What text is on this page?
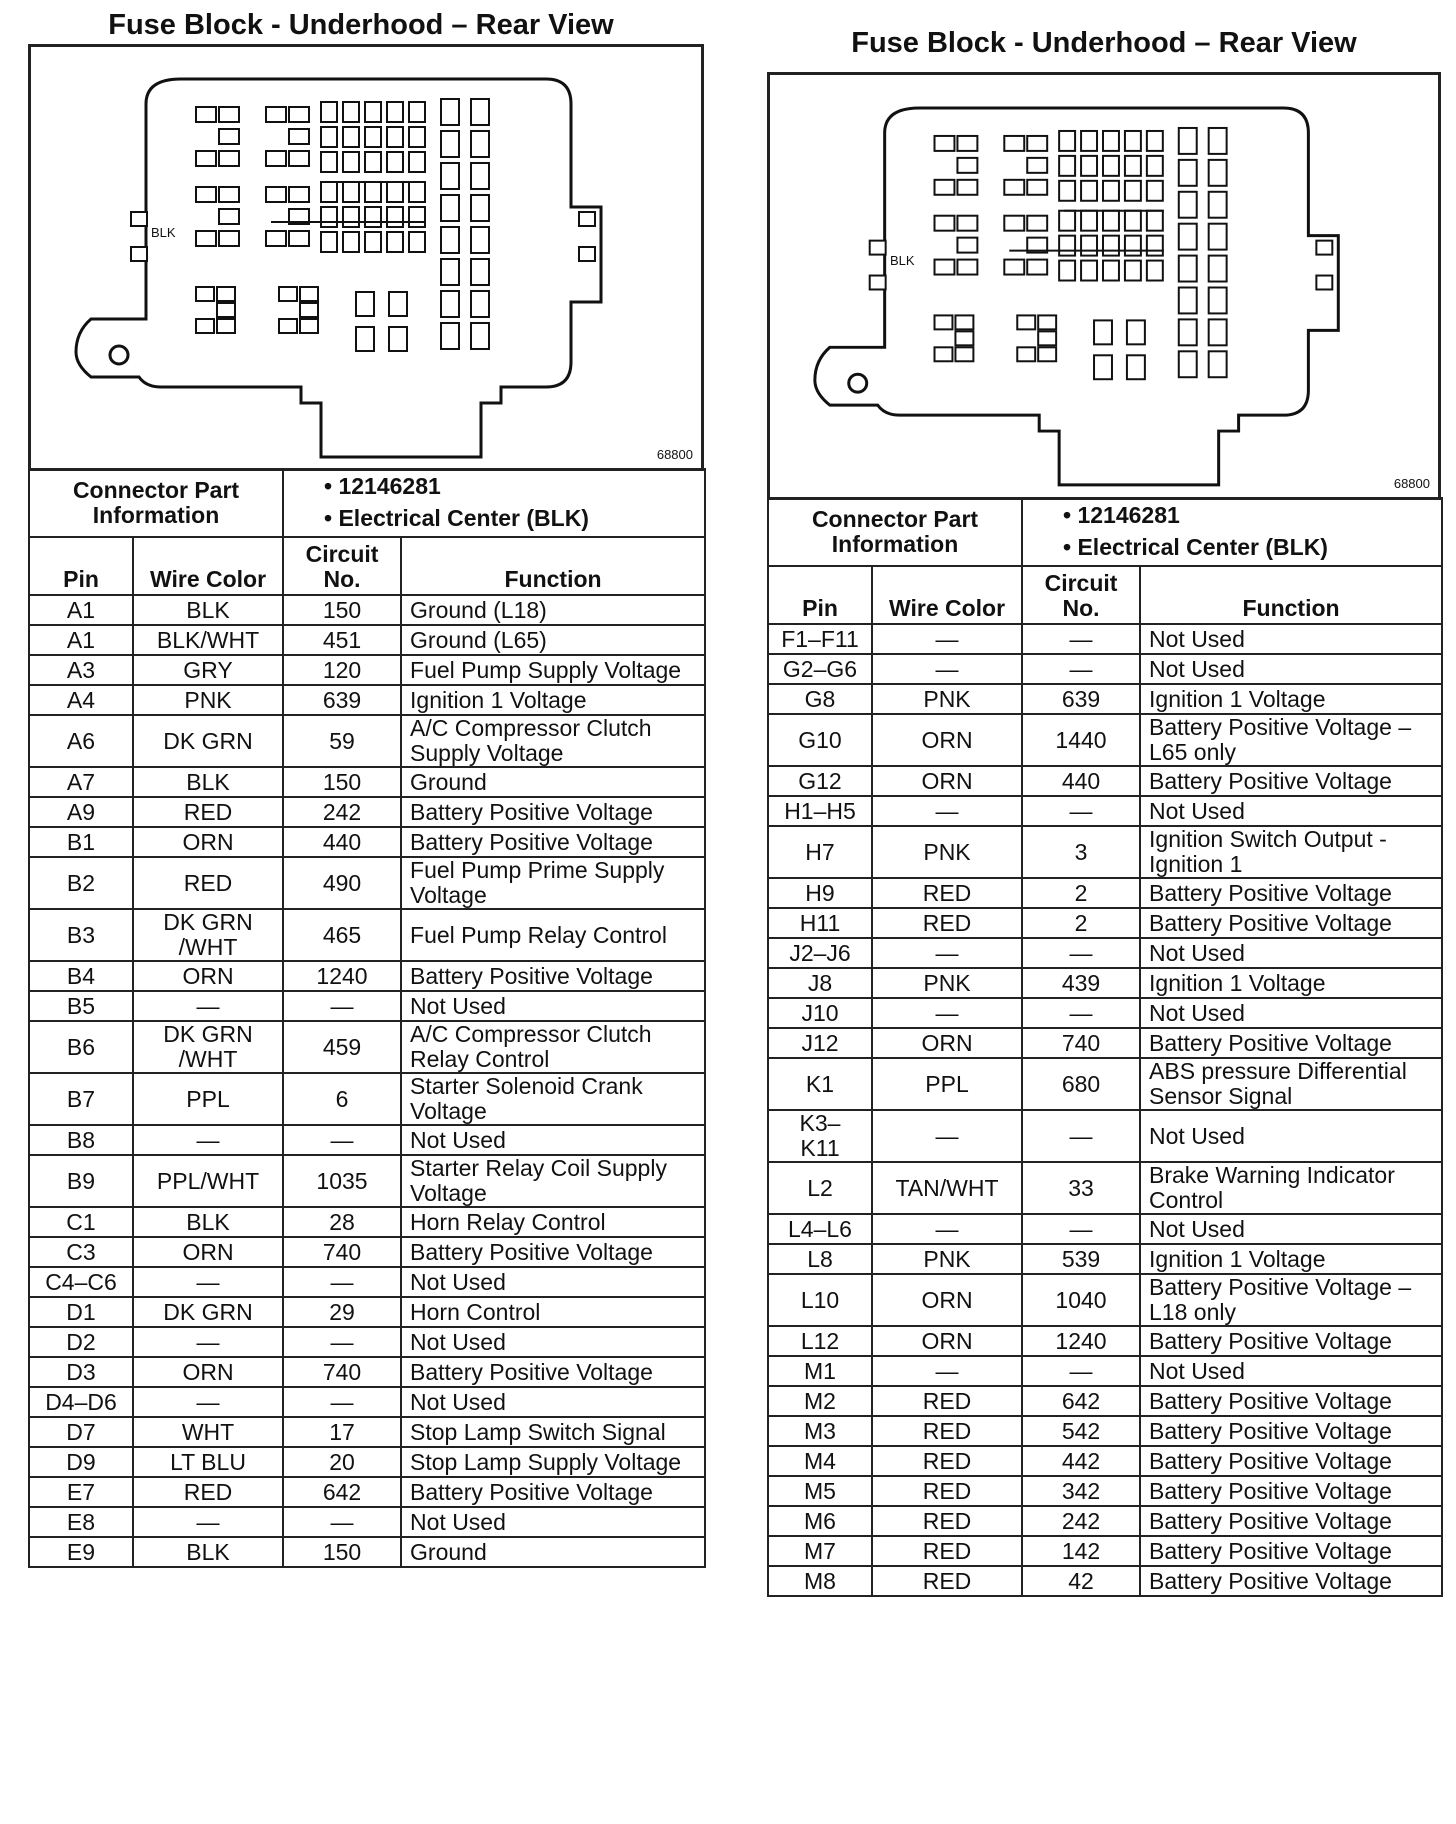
Fuse Block - Underhood – Rear View
BLK
68800
Connector Part Information		• 12146281
• Electrical Center (BLK)	

Pin	Wire Color	Circuit No.	Function
A1	BLK	150	Ground (L18)
A1	BLK/WHT	451	Ground (L65)
A3	GRY	120	Fuel Pump Supply Voltage
A4	PNK	639	Ignition 1 Voltage
A6	DK GRN	59	A/C Compressor Clutch Supply Voltage
A7	BLK	150	Ground
A9	RED	242	Battery Positive Voltage
B1	ORN	440	Battery Positive Voltage
B2	RED	490	Fuel Pump Prime Supply Voltage
B3	DK GRN /WHT	465	Fuel Pump Relay Control
B4	ORN	1240	Battery Positive Voltage
B5	—	—	Not Used
B6	DK GRN /WHT	459	A/C Compressor Clutch Relay Control
B7	PPL	6	Starter Solenoid Crank Voltage
B8	—	—	Not Used
B9	PPL/WHT	1035	Starter Relay Coil Supply Voltage
C1	BLK	28	Horn Relay Control
C3	ORN	740	Battery Positive Voltage
C4–C6	—	—	Not Used
D1	DK GRN	29	Horn Control
D2	—	—	Not Used
D3	ORN	740	Battery Positive Voltage
D4–D6	—	—	Not Used
D7	WHT	17	Stop Lamp Switch Signal
D9	LT BLU	20	Stop Lamp Supply Voltage
E7	RED	642	Battery Positive Voltage
E8	—	—	Not Used
E9	BLK	150	Ground
Fuse Block - Underhood – Rear View
BLK
68800
Connector Part Information		• 12146281
• Electrical Center (BLK)	

Pin	Wire Color	Circuit No.	Function
F1–F11	—	—	Not Used
G2–G6	—	—	Not Used
G8	PNK	639	Ignition 1 Voltage
G10	ORN	1440	Battery Positive Voltage – L65 only
G12	ORN	440	Battery Positive Voltage
H1–H5	—	—	Not Used
H7	PNK	3	Ignition Switch Output - Ignition 1
H9	RED	2	Battery Positive Voltage
H11	RED	2	Battery Positive Voltage
J2–J6	—	—	Not Used
J8	PNK	439	Ignition 1 Voltage
J10	—	—	Not Used
J12	ORN	740	Battery Positive Voltage
K1	PPL	680	ABS pressure Differential Sensor Signal
K3– K11	—	—	Not Used
L2	TAN/WHT	33	Brake Warning Indicator Control
L4–L6	—	—	Not Used
L8	PNK	539	Ignition 1 Voltage
L10	ORN	1040	Battery Positive Voltage – L18 only
L12	ORN	1240	Battery Positive Voltage
M1	—	—	Not Used
M2	RED	642	Battery Positive Voltage
M3	RED	542	Battery Positive Voltage
M4	RED	442	Battery Positive Voltage
M5	RED	342	Battery Positive Voltage
M6	RED	242	Battery Positive Voltage
M7	RED	142	Battery Positive Voltage
M8	RED	42	Battery Positive Voltage
